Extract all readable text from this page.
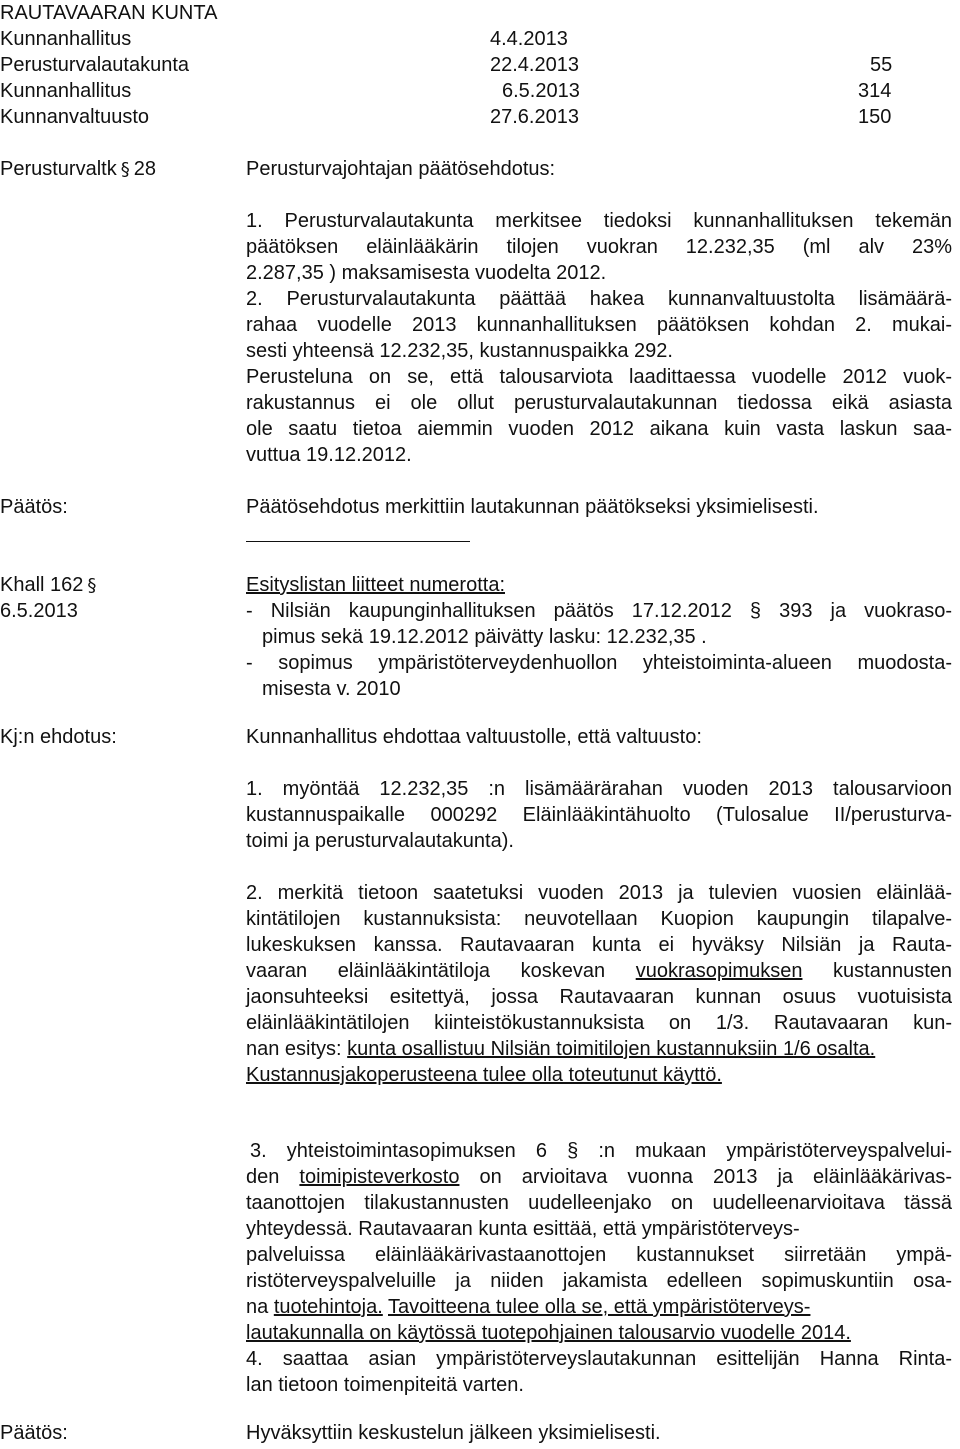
RAUTAVAARAN KUNTA
Kunnanhallitus	4.4.2013
Perusturvalautakunta	22.4.2013	55
Kunnanhallitus	6.5.2013	314
Kunnanvaltuusto	27.6.2013	150
Perusturvaltk § 28	Perusturvajohtajan päätösehdotus:
1. Perusturvalautakunta merkitsee tiedoksi kunnanhallituksen tekemän
päätöksen eläinlääkärin tilojen vuokran 12.232,35 (ml alv 23%
2.287,35 ) maksamisesta vuodelta 2012.
2. Perusturvalautakunta päättää hakea kunnanvaltuustolta lisämäärä-
rahaa vuodelle 2013 kunnanhallituksen päätöksen kohdan 2. mukai-
sesti yhteensä 12.232,35, kustannuspaikka 292.
Perusteluna on se, että talousarviota laadittaessa vuodelle 2012 vuok-
rakustannus ei ole ollut perusturvalautakunnan tiedossa eikä asiasta
ole saatu tietoa aiemmin vuoden 2012 aikana kuin vasta laskun saa-
vuttua 19.12.2012.
Päätös:	Päätösehdotus merkittiin lautakunnan päätökseksi yksimielisesti.
Khall 162 §
6.5.2013
Esityslistan liitteet numerotta:
- Nilsiän kaupunginhallituksen päätös 17.12.2012 § 393 ja vuokraso-
pimus sekä 19.12.2012 päivätty lasku: 12.232,35 .
- sopimus ympäristöterveydenhuollon yhteistoiminta-alueen muodosta-
misesta v. 2010
Kj:n ehdotus:	Kunnanhallitus ehdottaa valtuustolle, että valtuusto:
1. myöntää 12.232,35 :n lisämäärärahan vuoden 2013 talousarvioon
kustannuspaikalle 000292 Eläinlääkintähuolto (Tulosalue II/perusturva-
toimi ja perusturvalautakunta).
2. merkitä tietoon saatetuksi vuoden 2013 ja tulevien vuosien eläinlää-
kintätilojen kustannuksista: neuvotellaan Kuopion kaupungin tilapalve-
lukeskuksen kanssa. Rautavaaran kunta ei hyväksy Nilsiän ja Rauta-
vaaran eläinlääkintätiloja koskevan vuokrasopimuksen kustannusten
jaonsuhteeksi esitettyä, jossa Rautavaaran kunnan osuus vuotuisista
eläinlääkintätilojen kiinteistökustannuksista on 1/3. Rautavaaran kun-
nan esitys: kunta osallistuu Nilsiän toimitilojen kustannuksiin 1/6 osalta.
Kustannusjakoperusteena tulee olla toteutunut käyttö.
3. yhteistoimintasopimuksen 6 § :n mukaan ympäristöterveyspalvelui-
den toimipisteverkosto on arvioitava vuonna 2013 ja eläinlääkärivas-
taanottojen tilakustannusten uudelleenjako on uudelleenarvioitava tässä
yhteydessä. Rautavaaran kunta esittää, että ympäristöterveys-
palveluissa eläinlääkärivastaanottojen kustannukset siirretään ympä-
ristöterveyspalveluille ja niiden jakamista edelleen sopimuskuntiin osa-
na tuotehintoja. Tavoitteena tulee olla se, että ympäristöterveys-
lautakunnalla on käytössä tuotepohjainen talousarvio vuodelle 2014.
4. saattaa asian ympäristöterveyslautakunnan esittelijän Hanna Rinta-
lan tietoon toimenpiteitä varten.
Päätös:	Hyväksyttiin keskustelun jälkeen yksimielisesti.
